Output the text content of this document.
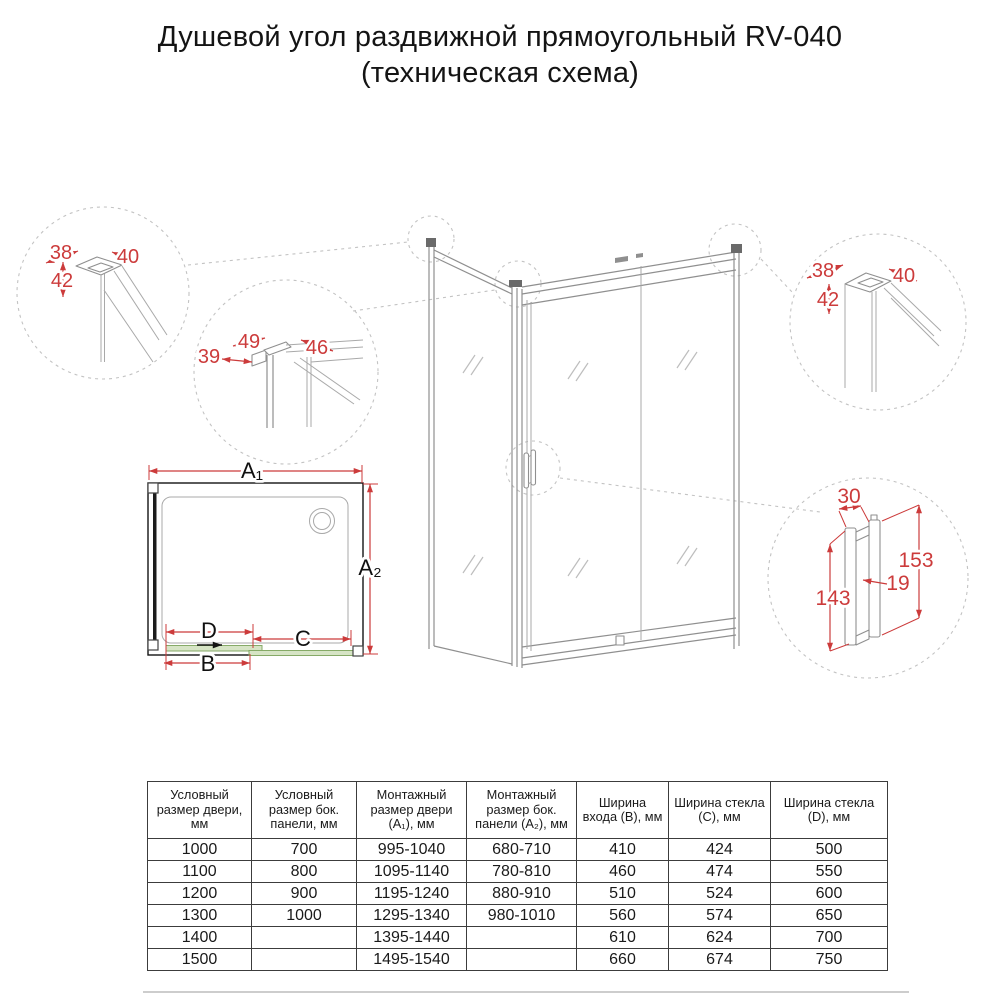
Душевой угол раздвижной прямоугольный RV-040
(техническая схема)
38 40
42
49 46
39
38	40
42
30
153
19
143
A₁
A₂
D	C
B
Условный размер двери, мм	Условный размер бок. панели, мм	Монтажный размер двери (A₁), мм	Монтажный размер бок. панели (A₂), мм	Ширина входа (B), мм	Ширина стекла (C), мм	Ширина стекла (D), мм
1000	700	995-1040	680-710	410	424	500
1100	800	1095-1140	780-810	460	474	550
1200	900	1195-1240	880-910	510	524	600
1300	1000	1295-1340	980-1010	560	574	650
1400		1395-1440		610	624	700
1500		1495-1540		660	674	750
